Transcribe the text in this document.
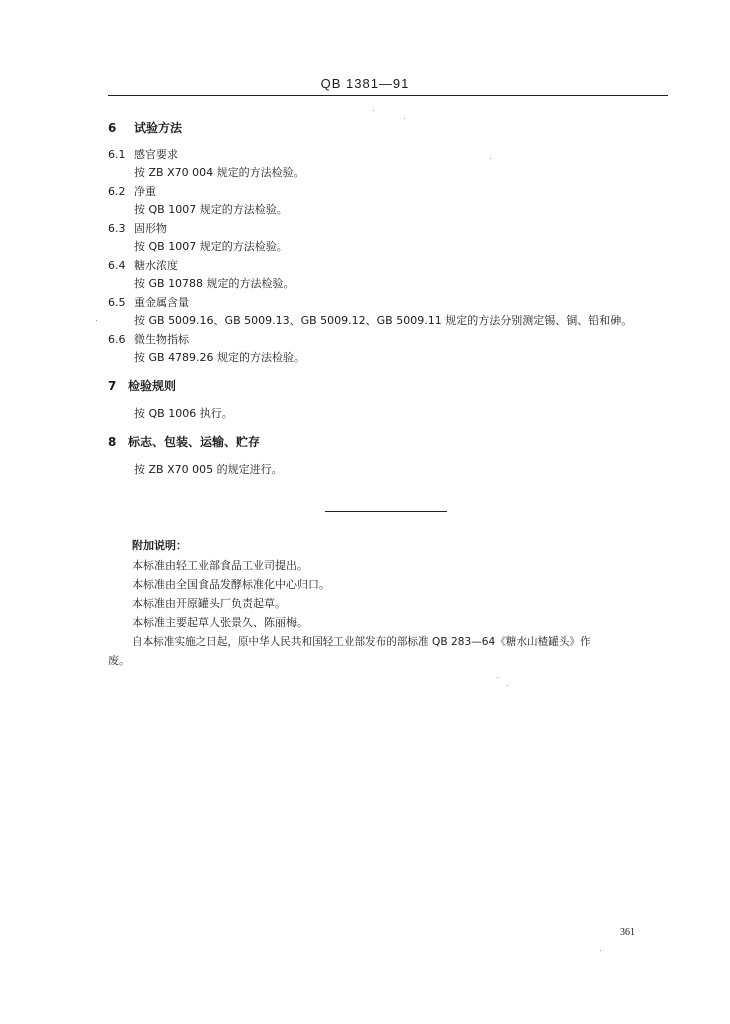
QB 1381—91
6 试验方法
6.1 感官要求
按 ZB X70 004 规定的方法检验。
6.2 净重
按 QB 1007 规定的方法检验。
6.3 固形物
按 QB 1007 规定的方法检验。
6.4 糖水浓度
按 GB 10788 规定的方法检验。
6.5 重金属含量
按 GB 5009.16、GB 5009.13、GB 5009.12、GB 5009.11 规定的方法分别测定锡、铜、铅和砷。
6.6 微生物指标
按 GB 4789.26 规定的方法检验。
7 检验规则
按 QB 1006 执行。
8 标志、包装、运输、贮存
按 ZB X70 005 的规定进行。
附加说明：
本标准由轻工业部食品工业司提出。
本标准由全国食品发酵标准化中心归口。
本标准由开原罐头厂负责起草。
本标准主要起草人张景久、陈丽梅。
自本标准实施之日起，原中华人民共和国轻工业部发布的部标准 QB 283—64《糖水山楂罐头》作
废。
361
